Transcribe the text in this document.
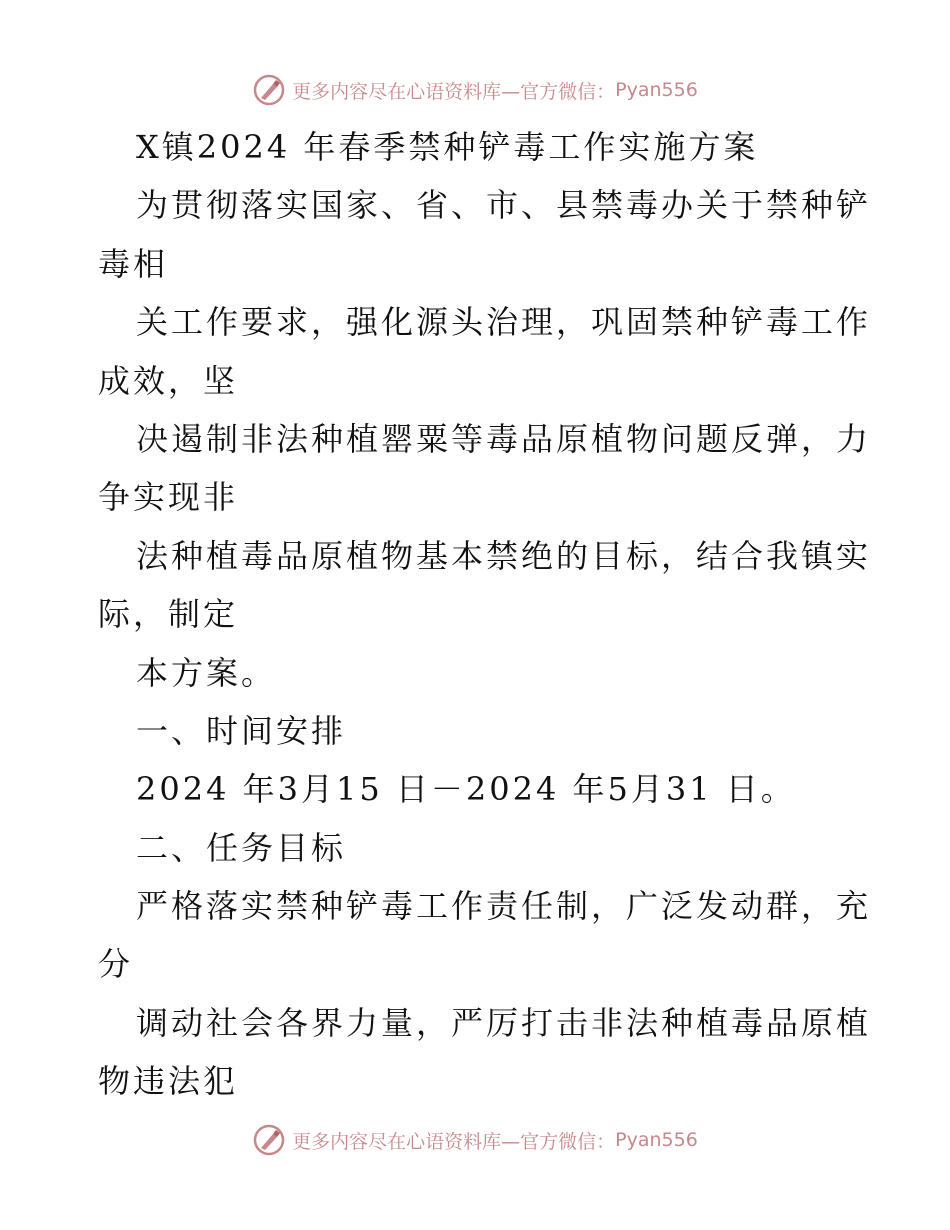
更多内容尽在心语资料库—官方微信： Pyan556
X镇2024 年春季禁种铲毒工作实施方案
为贯彻落实国家、省、市、县禁毒办关于禁种铲
毒相
关工作要求，强化源头治理，巩固禁种铲毒工作
成效，坚
决遏制非法种植罂粟等毒品原植物问题反弹，力
争实现非
法种植毒品原植物基本禁绝的目标，结合我镇实
际，制定
本方案。
一、时间安排
2024 年3月15 日－2024 年5月31 日。
二、任务目标
严格落实禁种铲毒工作责任制，广泛发动群，充
分
调动社会各界力量，严厉打击非法种植毒品原植
物违法犯
更多内容尽在心语资料库—官方微信： Pyan556
